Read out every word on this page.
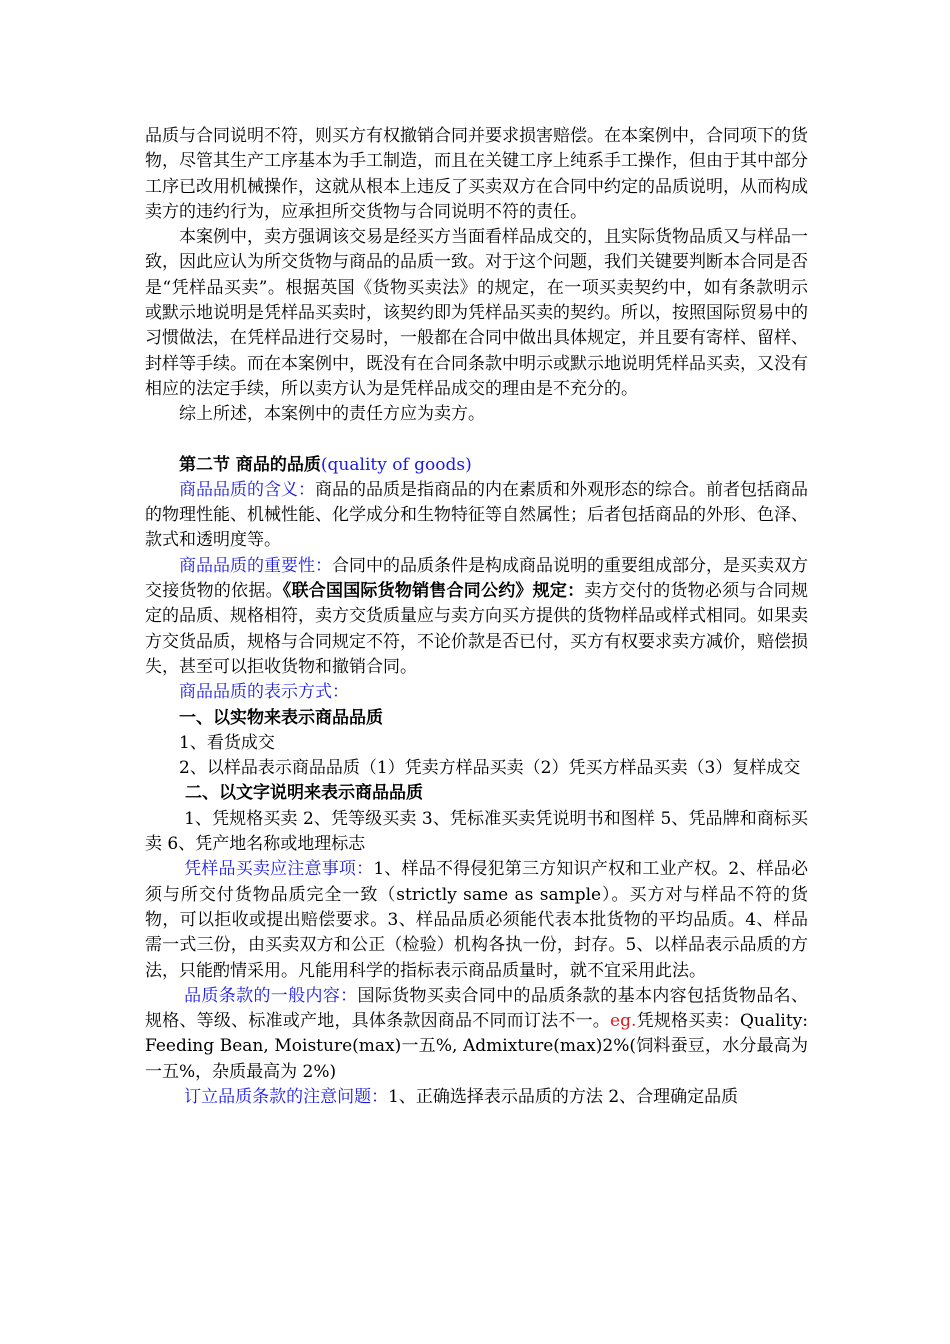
品质与合同说明不符，则买方有权撤销合同并要求损害赔偿。在本案例中，合同项下的货物，尽管其生产工序基本为手工制造，而且在关键工序上纯系手工操作，但由于其中部分工序已改用机械操作，这就从根本上违反了买卖双方在合同中约定的品质说明，从而构成卖方的违约行为，应承担所交货物与合同说明不符的责任。

本案例中，卖方强调该交易是经买方当面看样品成交的，且实际货物品质又与样品一致，因此应认为所交货物与商品的品质一致。对于这个问题，我们关键要判断本合同是否是“凭样品买卖”。根据英国《货物买卖法》的规定，在一项买卖契约中，如有条款明示或默示地说明是凭样品买卖时，该契约即为凭样品买卖的契约。所以，按照国际贸易中的习惯做法，在凭样品进行交易时，一般都在合同中做出具体规定，并且要有寄样、留样、封样等手续。而在本案例中，既没有在合同条款中明示或默示地说明凭样品买卖，又没有相应的法定手续，所以卖方认为是凭样品成交的理由是不充分的。

综上所述，本案例中的责任方应为卖方。

第二节 商品的品质(quality of goods)

商品品质的含义：商品的品质是指商品的内在素质和外观形态的综合。前者包括商品的物理性能、机械性能、化学成分和生物特征等自然属性；后者包括商品的外形、色泽、款式和透明度等。

商品品质的重要性：合同中的品质条件是构成商品说明的重要组成部分，是买卖双方交接货物的依据。《联合国国际货物销售合同公约》规定：卖方交付的货物必须与合同规定的品质、规格相符，卖方交货质量应与卖方向买方提供的货物样品或样式相同。如果卖方交货品质，规格与合同规定不符，不论价款是否已付，买方有权要求卖方减价，赔偿损失，甚至可以拒收货物和撤销合同。

商品品质的表示方式：

一、以实物来表示商品品质

1、看货成交

2、以样品表示商品品质（1）凭卖方样品买卖（2）凭买方样品买卖（3）复样成交

二、以文字说明来表示商品品质

1、凭规格买卖 2、凭等级买卖 3、凭标准买卖凭说明书和图样 5、凭品牌和商标买卖 6、凭产地名称或地理标志

凭样品买卖应注意事项：1、样品不得侵犯第三方知识产权和工业产权。2、样品必须与所交付货物品质完全一致（strictly same as sample）。买方对与样品不符的货物，可以拒收或提出赔偿要求。3、样品品质必须能代表本批货物的平均品质。4、样品需一式三份，由买卖双方和公正（检验）机构各执一份，封存。5、以样品表示品质的方法，只能酌情采用。凡能用科学的指标表示商品质量时，就不宜采用此法。

品质条款的一般内容：国际货物买卖合同中的品质条款的基本内容包括货物品名、规格、等级、标准或产地，具体条款因商品不同而订法不一。eg.凭规格买卖：Quality: Feeding Bean, Moisture(max)一五%, Admixture(max)2%(饲料蚕豆，水分最高为一五%，杂质最高为 2%)

订立品质条款的注意问题：1、正确选择表示品质的方法 2、合理确定品质
